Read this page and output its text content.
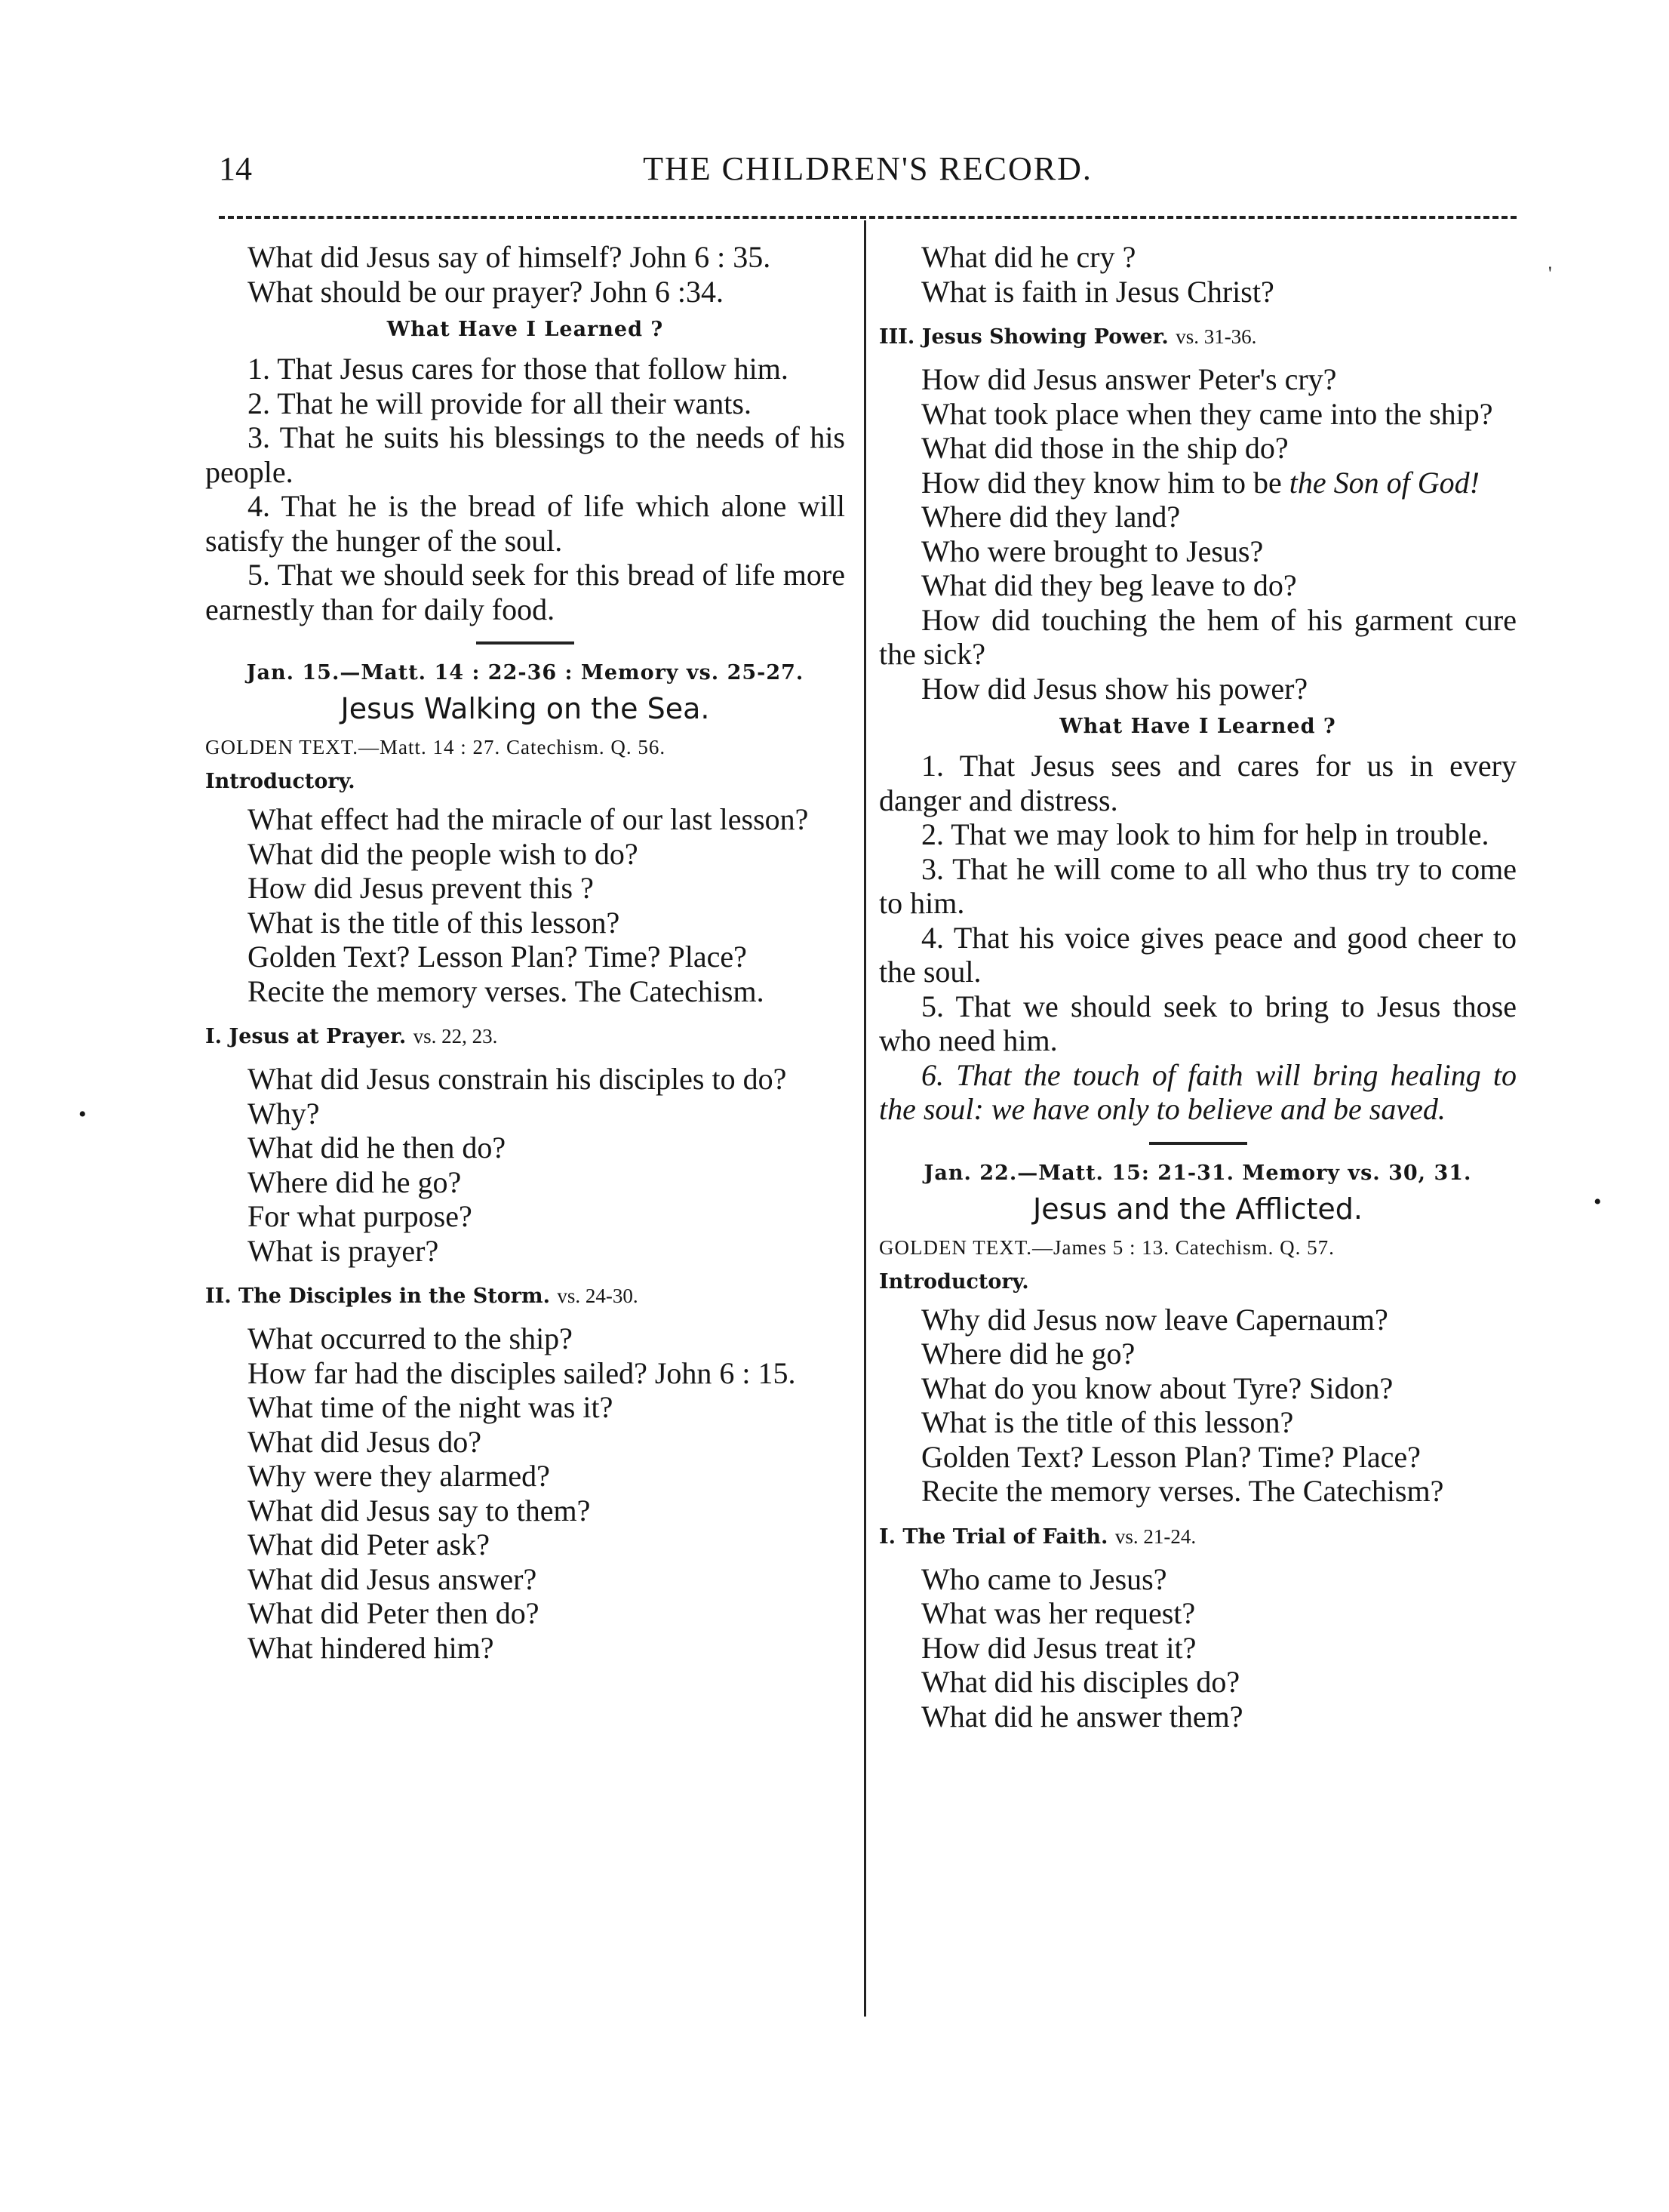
14	THE CHILDREN'S RECORD.
•
•
'

What did Jesus say of himself? John 6 : 35.

What should be our prayer? John 6 :34.

What Have I Learned ?

1. That Jesus cares for those that follow him.

2. That he will provide for all their wants.

3. That he suits his blessings to the needs of his people.

4. That he is the bread of life which alone will satisfy the hunger of the soul.

5. That we should seek for this bread of life more earnestly than for daily food.

Jan. 15.—Matt. 14 : 22-36 : Memory vs. 25-27.
Jesus Walking on the Sea.
GOLDEN TEXT.—Matt. 14 : 27. Catechism. Q. 56.
Introductory.

What effect had the miracle of our last lesson?

What did the people wish to do?

How did Jesus prevent this ?

What is the title of this lesson?

Golden Text? Lesson Plan? Time? Place?

Recite the memory verses. The Catechism.

I. Jesus at Prayer. vs. 22, 23.

What did Jesus constrain his disciples to do?

Why?

What did he then do?

Where did he go?

For what purpose?

What is prayer?

II. The Disciples in the Storm. vs. 24-30.

What occurred to the ship?

How far had the disciples sailed? John 6 : 15.

What time of the night was it?

What did Jesus do?

Why were they alarmed?

What did Jesus say to them?

What did Peter ask?

What did Jesus answer?

What did Peter then do?

What hindered him?

What did he cry ?

What is faith in Jesus Christ?

III. Jesus Showing Power. vs. 31-36.

How did Jesus answer Peter's cry?

What took place when they came into the ship?

What did those in the ship do?

How did they know him to be the Son of God!

Where did they land?

Who were brought to Jesus?

What did they beg leave to do?

How did touching the hem of his garment cure the sick?

How did Jesus show his power?

What Have I Learned ?

1. That Jesus sees and cares for us in every danger and distress.

2. That we may look to him for help in trouble.

3. That he will come to all who thus try to come to him.

4. That his voice gives peace and good cheer to the soul.

5. That we should seek to bring to Jesus those who need him.

6. That the touch of faith will bring healing to the soul: we have only to believe and be saved.

Jan. 22.—Matt. 15: 21-31. Memory vs. 30, 31.
Jesus and the Afflicted.
GOLDEN TEXT.—James 5 : 13. Catechism. Q. 57.
Introductory.

Why did Jesus now leave Capernaum?

Where did he go?

What do you know about Tyre? Sidon?

What is the title of this lesson?

Golden Text? Lesson Plan? Time? Place?

Recite the memory verses. The Catechism?

I. The Trial of Faith. vs. 21-24.

Who came to Jesus?

What was her request?

How did Jesus treat it?

What did his disciples do?

What did he answer them?
